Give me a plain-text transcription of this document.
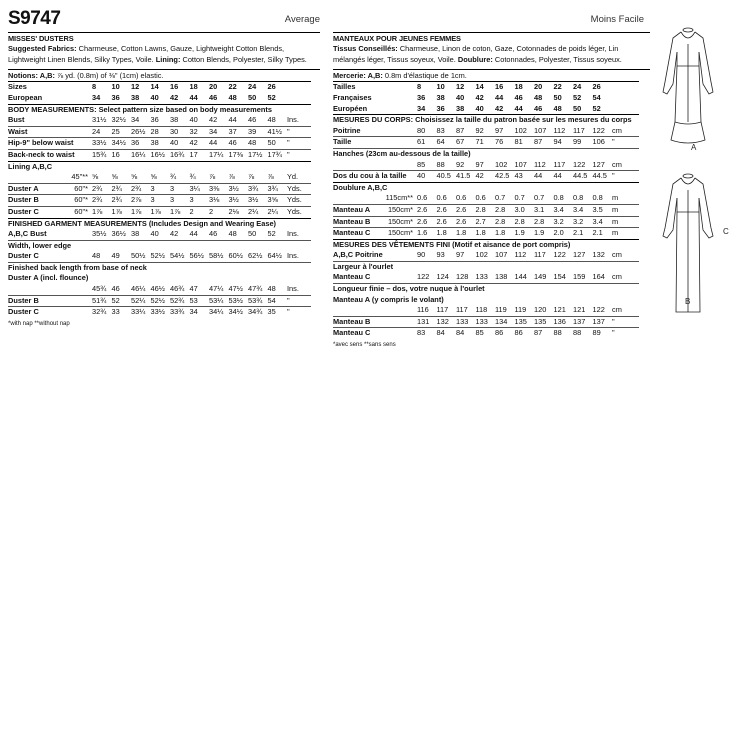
S9747	Average
MISSES' DUSTERS
Suggested Fabrics: Charmeuse, Cotton Lawns, Gauze, Lightweight Cotton Blends, Lightweight Linen Blends, Silky Types, Voile. Lining: Cotton Blends, Polyester, Silky Types.
Notions: A,B: ⅞ yd. (0.8m) of ⅜" (1cm) elastic.
Sizes	8	10	12	14	16	18	20	22	24	26	
European	34	36	38	40	42	44	46	48	50	52	
BODY MEASUREMENTS: Select pattern size based on body measurements											
Bust	31½	32½	34	36	38	40	42	44	46	48	Ins.
Waist	24	25	26½	28	30	32	34	37	39	41½	"
Hip-9" below waist	33½	34½	36	38	40	42	44	46	48	50	"
Back-neck to waist	15¾	16	16¼	16½	16¾	17	17¼	17⅜	17½	17¾	"
Lining A,B,C											
45"**	⅝	⅝	⅝	⅝	¾	¾	⅞	⅞	⅞	⅞	Yd.
Duster A 60"*	2¾	2¾	2¾	3	3	3¼	3⅜	3½	3¾	3¾	Yds.
Duster B 60"*	2¾	2¾	2⅞	3	3	3	3⅛	3½	3½	3⅝	Yds.
Duster C 60"*	1⅞	1⅞	1⅞	1⅞	1⅞	2	2	2⅛	2¼	2¼	Yds.
FINISHED GARMENT MEASUREMENTS (Includes Design and Wearing Ease)											
A,B,C Bust	35½	36½	38	40	42	44	46	48	50	52	Ins.
Width, lower edge											
Duster C	48	49	50½	52½	54½	56½	58½	60½	62½	64½	Ins.
Finished back length from base of neck											
Duster A (incl. flounce)											
	45¾	46	46¼	46½	46¾	47	47¼	47½	47¾	48	Ins.
Duster B	51¾	52	52¼	52½	52¾	53	53¼	53½	53¾	54	"
Duster C	32¾	33	33¼	33½	33¾	34	34¼	34½	34¾	35	"
*with nap **without nap
Moins Facile
MANTEAUX POUR JEUNES FEMMES
Tissus Conseillés: Charmeuse, Linon de coton, Gaze, Cotonnades de poids léger, Lin mélangés léger, Tissus soyeux, Voile. Doublure: Cotonnades, Polyester, Tissus soyeux.
Mercerie: A,B: 0.8m d'élastique de 1cm.
Tailles	8	10	12	14	16	18	20	22	24	26	
Françaises	36	38	40	42	44	46	48	50	52	54	
Européen	34	36	38	40	42	44	46	48	50	52	
MESURES DU CORPS: Choisissez la taille du patron basée sur les mesures du corps											
Poitrine	80	83	87	92	97	102	107	112	117	122	cm
Taille	61	64	67	71	76	81	87	94	99	106	"
Hanches (23cm au-dessous de la taille)											
	85	88	92	97	102	107	112	117	122	127	cm
Dos du cou à la taille	40	40.5	41.5	42	42.5	43	44	44	44.5	44.5	"
Doublure A,B,C											
115cm**	0.6	0.6	0.6	0.6	0.7	0.7	0.7	0.8	0.8	0.8	m
Manteau A 150cm*	2.6	2.6	2.6	2.8	2.8	3.0	3.1	3.4	3.4	3.5	m
Manteau B 150cm*	2.6	2.6	2.6	2.7	2.8	2.8	2.8	3.2	3.2	3.4	m
Manteau C 150cm*	1.6	1.8	1.8	1.8	1.8	1.9	1.9	2.0	2.1	2.1	m
MESURES DES VÊTEMENTS FINI (Motif et aisance de port compris)											
A,B,C Poitrine	90	93	97	102	107	112	117	122	127	132	cm
Largeur à l'ourlet											
Manteau C	122	124	128	133	138	144	149	154	159	164	cm
Longueur finie – dos, votre nuque à l'ourlet											
Manteau A (y compris le volant)											
	116	117	117	118	119	119	120	121	121	122	cm
Manteau B	131	132	133	133	134	135	135	136	137	137	"
Manteau C	83	84	84	85	86	86	87	88	88	89	"
*avec sens **sans sens
A
C
B
